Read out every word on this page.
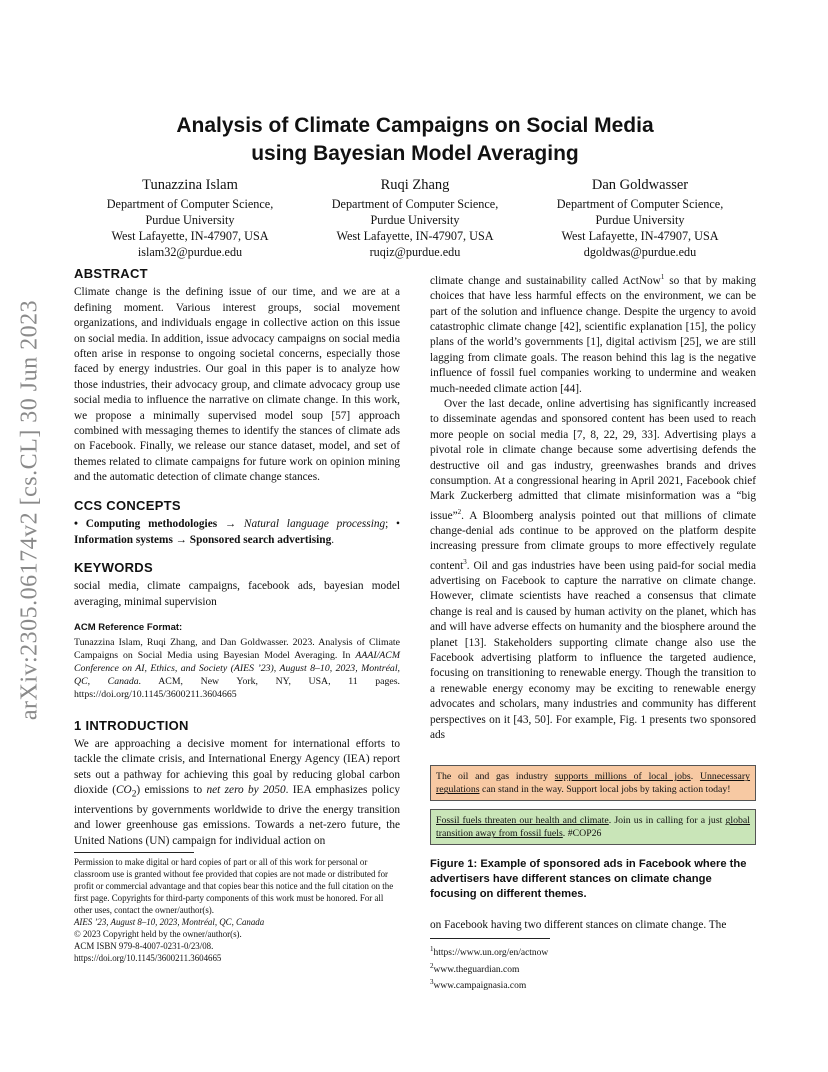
arXiv:2305.06174v2 [cs.CL] 30 Jun 2023
Analysis of Climate Campaigns on Social Media
using Bayesian Model Averaging
Tunazzina Islam
Department of Computer Science,
Purdue University
West Lafayette, IN-47907, USA
islam32@purdue.edu
Ruqi Zhang
Department of Computer Science,
Purdue University
West Lafayette, IN-47907, USA
ruqiz@purdue.edu
Dan Goldwasser
Department of Computer Science,
Purdue University
West Lafayette, IN-47907, USA
dgoldwas@purdue.edu
ABSTRACT

Climate change is the defining issue of our time, and we are at a defining moment. Various interest groups, social movement organizations, and individuals engage in collective action on this issue on social media. In addition, issue advocacy campaigns on social media often arise in response to ongoing societal concerns, especially those faced by energy industries. Our goal in this paper is to analyze how those industries, their advocacy group, and climate advocacy group use social media to influence the narrative on climate change. In this work, we propose a minimally supervised model soup [57] approach combined with messaging themes to identify the stances of climate ads on Facebook. Finally, we release our stance dataset, model, and set of themes related to climate campaigns for future work on opinion mining and the automatic detection of climate change stances.

CCS CONCEPTS

• Computing methodologies → Natural language processing; • Information systems → Sponsored search advertising.

KEYWORDS

social media, climate campaigns, facebook ads, bayesian model averaging, minimal supervision

ACM Reference Format:

Tunazzina Islam, Ruqi Zhang, and Dan Goldwasser. 2023. Analysis of Climate Campaigns on Social Media using Bayesian Model Averaging. In AAAI/ACM Conference on AI, Ethics, and Society (AIES ’23), August 8–10, 2023, Montréal, QC, Canada. ACM, New York, NY, USA, 11 pages. https://doi.org/10.1145/3600211.3604665

1 INTRODUCTION

We are approaching a decisive moment for international efforts to tackle the climate crisis, and International Energy Agency (IEA) report sets out a pathway for achieving this goal by reducing global carbon dioxide $(CO_2)$ emissions to net zero by 2050. IEA emphasizes policy interventions by governments worldwide to drive the energy transition and lower greenhouse gas emissions. Towards a net-zero future, the United Nations (UN) campaign for individual action on

Permission to make digital or hard copies of part or all of this work for personal or classroom use is granted without fee provided that copies are not made or distributed for profit or commercial advantage and that copies bear this notice and the full citation on the first page. Copyrights for third-party components of this work must be honored. For all other uses, contact the owner/author(s).
AIES ’23, August 8–10, 2023, Montréal, QC, Canada
© 2023 Copyright held by the owner/author(s).
ACM ISBN 979-8-4007-0231-0/23/08.
https://doi.org/10.1145/3600211.3604665

climate change and sustainability called ActNow$^1$ so that by making choices that have less harmful effects on the environment, we can be part of the solution and influence change. Despite the urgency to avoid catastrophic climate change [42], scientific explanation [15], the policy plans of the world’s governments [1], digital activism [25], we are still lagging from climate goals. The reason behind this lag is the negative influence of fossil fuel companies working to undermine and weaken much-needed climate action [44].

Over the last decade, online advertising has significantly increased to disseminate agendas and sponsored content has been used to reach more people on social media [7, 8, 22, 29, 33]. Advertising plays a pivotal role in climate change because some advertising defends the destructive oil and gas industry, greenwashes brands and drives consumption. At a congressional hearing in April 2021, Facebook chief Mark Zuckerberg admitted that climate misinformation was a “big issue”$^2$. A Bloomberg analysis pointed out that millions of climate change-denial ads continue to be approved on the platform despite increasing pressure from climate groups to more effectively regulate content$^3$. Oil and gas industries have been using paid-for social media advertising on Facebook to capture the narrative on climate change. However, climate scientists have reached a consensus that climate change is real and is caused by human activity on the planet, which has and will have adverse effects on humanity and the biosphere around the planet [13]. Stakeholders supporting climate change also use the Facebook advertising platform to influence the targeted audience, focusing on transitioning to renewable energy. Though the transition to a renewable energy economy may be exciting to renewable energy advocates and scholars, many industries and community has different perspectives on it [43, 50]. For example, Fig. 1 presents two sponsored ads

The oil and gas industry supports millions of local jobs. Unnecessary regulations can stand in the way. Support local jobs by taking action today!
Fossil fuels threaten our health and climate. Join us in calling for a just global transition away from fossil fuels. #COP26
Figure 1: Example of sponsored ads in Facebook where the advertisers have different stances on climate change focusing on different themes.

on Facebook having two different stances on climate change. The

$^1$https://www.un.org/en/actnow
$^2$www.theguardian.com
$^3$www.campaignasia.com
